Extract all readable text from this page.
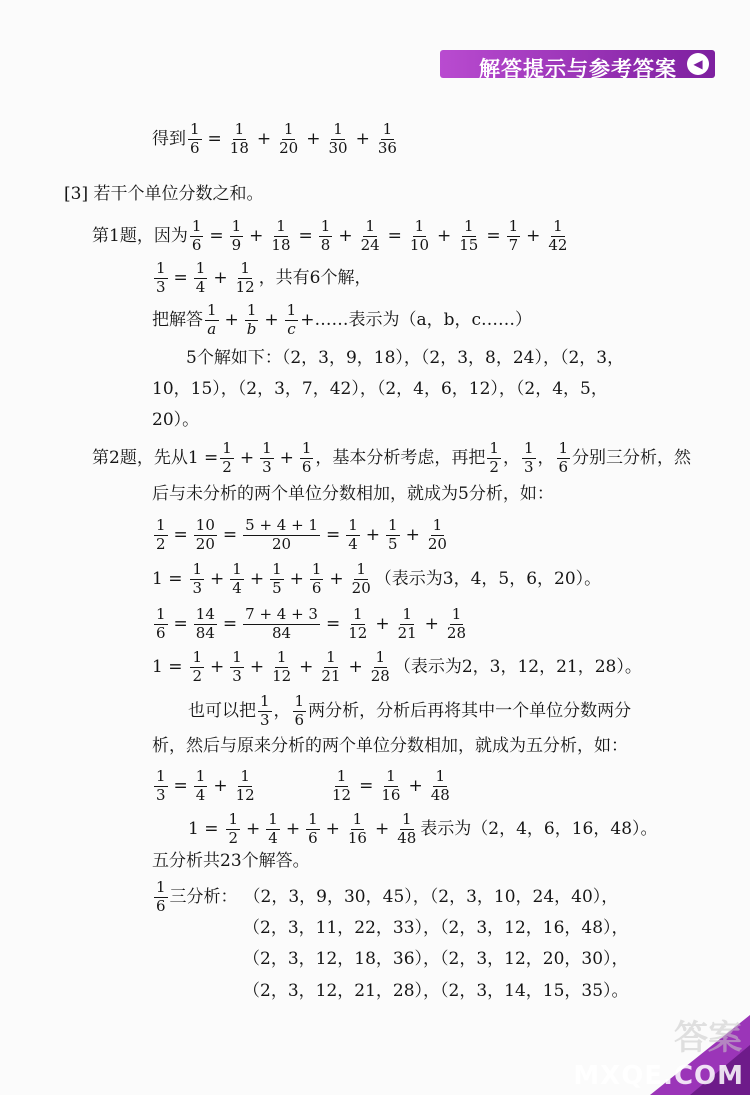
解答提示与参考答案	◀
得到 $\frac{1}{6} = \frac{1}{18} + \frac{1}{20} + \frac{1}{30} + \frac{1}{36}$
[3] 若干个单位分数之和。
第1题，因为 $\frac{1}{6} = \frac{1}{9} + \frac{1}{18} = \frac{1}{8} + \frac{1}{24} = \frac{1}{10} + \frac{1}{15} = \frac{1}{7} + \frac{1}{42}$
$\frac{1}{3} = \frac{1}{4} + \frac{1}{12}$ ，共有6个解，
把解答 $\frac{1}{a} + \frac{1}{b} + \frac{1}{c}$ +……表示为（a，b，c……）
5个解如下：（2，3，9，18），（2，3，8，24），（2，3，
10，15），（2，3，7，42），（2，4，6，12），（2，4，5，
20）。
第2题，先从$1 = \frac{1}{2} + \frac{1}{3} + \frac{1}{6}$ ，基本分析考虑，再把 $\frac{1}{2}$ ， $\frac{1}{3}$ ， $\frac{1}{6}$ 分别三分析，然
后与未分析的两个单位分数相加，就成为5分析，如：
$\frac{1}{2} = \frac{10}{20} = \frac{5 + 4 + 1}{20} = \frac{1}{4} + \frac{1}{5} + \frac{1}{20}$
$1 = \frac{1}{3} + \frac{1}{4} + \frac{1}{5} + \frac{1}{6} + \frac{1}{20}$ （表示为3，4，5，6，20）。
$\frac{1}{6} = \frac{14}{84} = \frac{7 + 4 + 3}{84} = \frac{1}{12} + \frac{1}{21} + \frac{1}{28}$
$1 = \frac{1}{2} + \frac{1}{3} + \frac{1}{12} + \frac{1}{21} + \frac{1}{28}$ （表示为2，3，12，21，28）。
也可以把 $\frac{1}{3}$ ， $\frac{1}{6}$ 两分析，分析后再将其中一个单位分数两分
析，然后与原来分析的两个单位分数相加，就成为五分析，如：
$\frac{1}{3} = \frac{1}{4} + \frac{1}{12}$	$\frac{1}{12} = \frac{1}{16} + \frac{1}{48}$
$1 = \frac{1}{2} + \frac{1}{4} + \frac{1}{6} + \frac{1}{16} + \frac{1}{48}$ 表示为（2，4，6，16，48）。
五分析共23个解答。
$\frac{1}{6}$ 三分析： （2，3，9，30，45），（2，3，10，24，40），
（2，3，11，22，33），（2，3，12，16，48），
（2，3，12，18，36），（2，3，12，20，30），
（2，3，12，21，28），（2，3，14，15，35）。
答案
MXQE.COM
